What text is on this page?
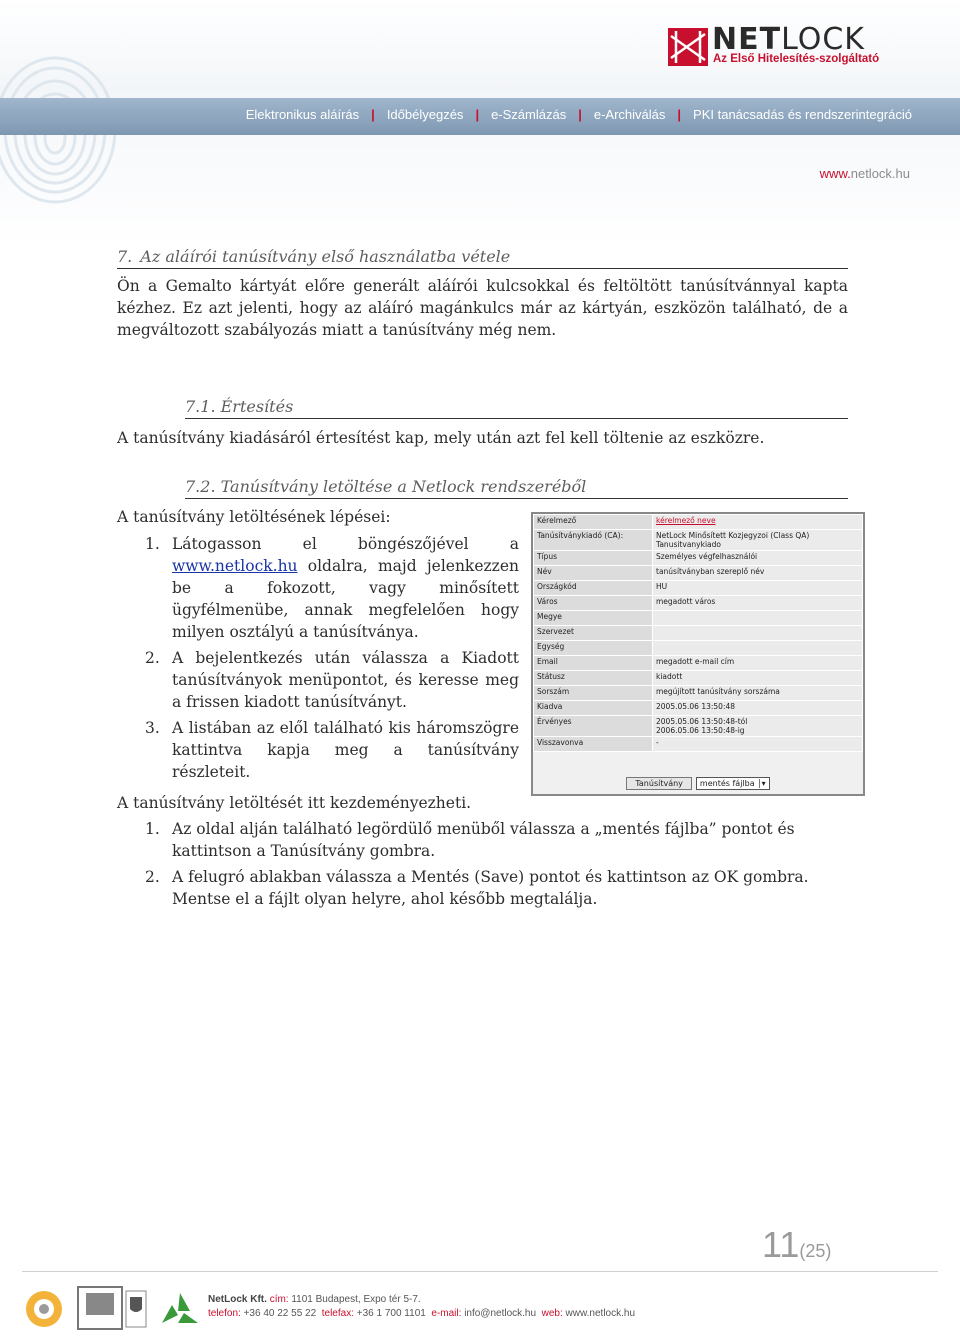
NETLOCK
Az Első Hitelesítés-szolgáltató
Elektronikus aláírás | Időbélyegzés | e-Számlázás | e-Archiválás | PKI tanácsadás és rendszerintegráció
www.netlock.hu
7. Az aláírói tanúsítvány első használatba vétele
Ön a Gemalto kártyát előre generált aláírói kulcsokkal és feltöltött tanúsítvánnyal kapta kézhez. Ez azt jelenti, hogy az aláíró magánkulcs már az kártyán, eszközön található, de a megváltozott szabályozás miatt a tanúsítvány még nem.
7.1. Értesítés
A tanúsítvány kiadásáról értesítést kap, mely után azt fel kell töltenie az eszközre.
7.2. Tanúsítvány letöltése a Netlock rendszeréből
A tanúsítvány letöltésének lépései:
1. Látogasson el böngészőjével a www.netlock.hu oldalra, majd jelenkezzen be a fokozott, vagy minősített ügyfélmenübe, annak megfelelően hogy milyen osztályú a tanúsítványa.
2. A bejelentkezés után válassza a Kiadott tanúsítványok menüpontot, és keresse meg a frissen kiadott tanúsítványt.
3. A listában az elől található kis háromszögre kattintva kapja meg a tanúsítvány részleteit.
Kérelmező	kérelmező neve

Tanúsítványkiadó (CA):	NetLock Minősített Kozjegyzoi (Class QA)
Tanusitvanykiado

Típus	Személyes végfelhasználói

Név	tanúsítványban szereplő név

Országkód	HU

Város	megadott város

Megye	

Szervezet	

Egység	

Email	megadott e-mail cím

Státusz	kiadott

Sorszám	megújított tanúsítvány sorszáma

Kiadva	2005.05.06 13:50:48

Érvényes	2005.05.06 13:50:48-tól
2006.05.06 13:50:48-ig

Visszavonva	-
Tanúsítvány mentés fájlba ▾
A tanúsítvány letöltését itt kezdeményezheti.
1. Az oldal alján található legördülő menüből válassza a „mentés fájlba” pontot és kattintson a Tanúsítvány gombra.
2. A felugró ablakban válassza a Mentés (Save) pontot és kattintson az OK gombra. Mentse el a fájlt olyan helyre, ahol később megtalálja.
11(25)
NetLock Kft. cím: 1101 Budapest, Expo tér 5-7.
telefon: +36 40 22 55 22 telefax: +36 1 700 1101 e-mail: info@netlock.hu web: www.netlock.hu
